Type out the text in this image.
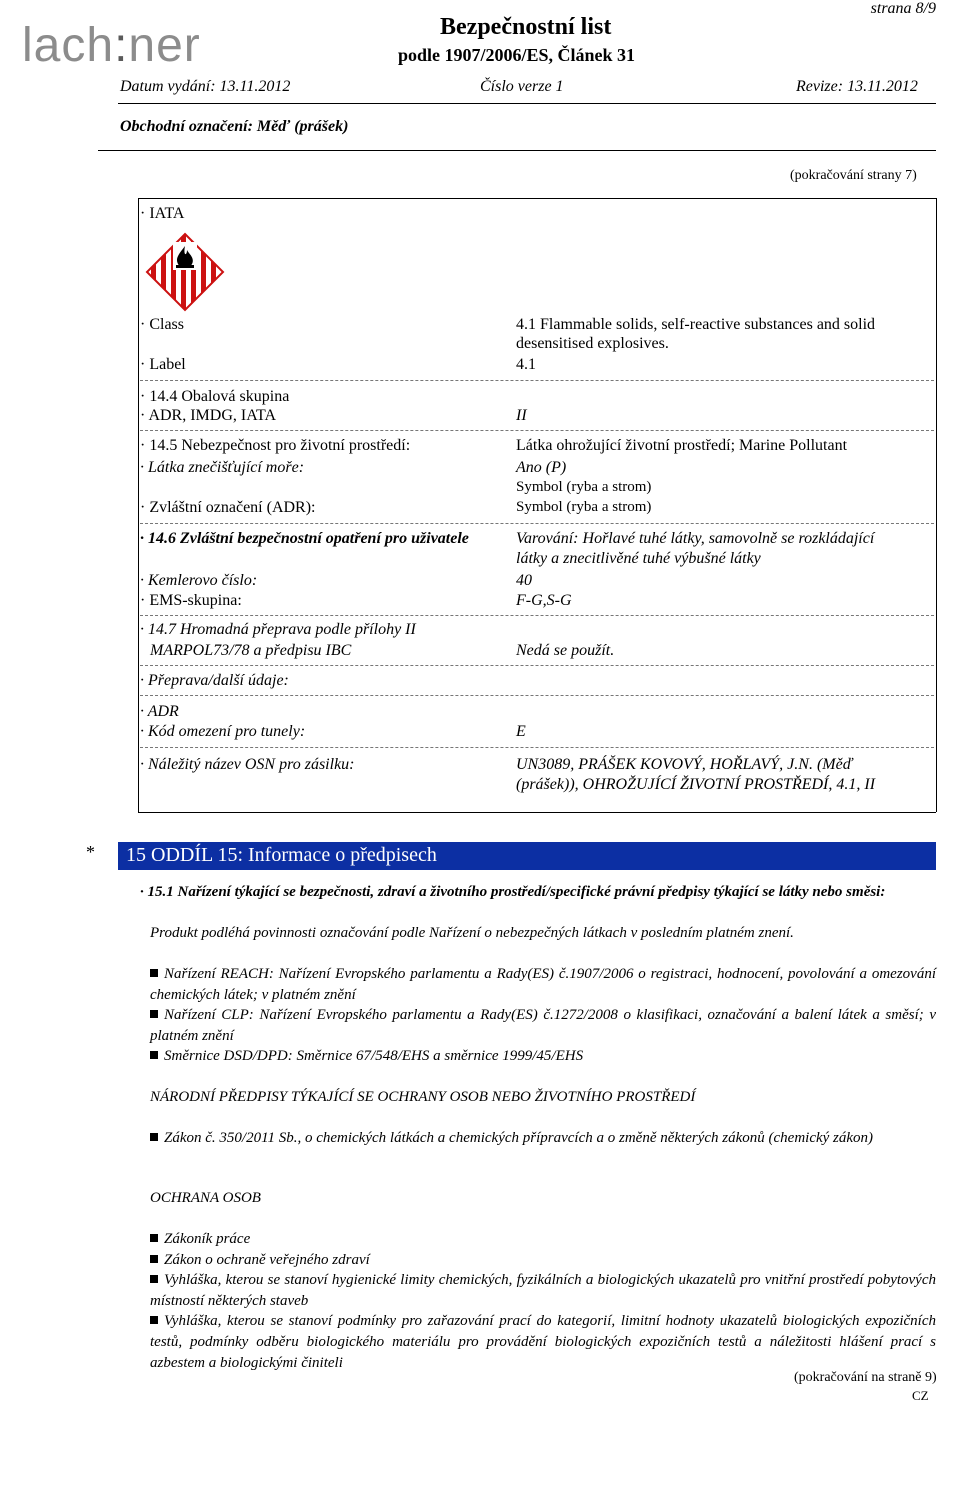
lach:ner	Bezpečnostní list
podle 1907/2006/ES, Článek 31
strana 8/9
Datum vydání: 13.11.2012	Číslo verze 1	Revize: 13.11.2012
Obchodní označení: Měď (prášek)
(pokračování strany 7)
· IATA
· Class	4.1 Flammable solids, self-reactive substances and solid
desensitised explosives.
· Label	4.1
· 14.4 Obalová skupina
· ADR, IMDG, IATA	II
· 14.5 Nebezpečnost pro životní prostředí:	Látka ohrožující životní prostředí; Marine Pollutant
· Látka znečišťující moře:	Ano (P)
Symbol (ryba a strom)
· Zvláštní označení (ADR):	Symbol (ryba a strom)
· 14.6 Zvláštní bezpečnostní opatření pro uživatele	Varování: Hořlavé tuhé látky, samovolně se rozkládající
látky a znecitlivěné tuhé výbušné látky
· Kemlerovo číslo:	40
· EMS-skupina:	F-G,S-G
· 14.7 Hromadná přeprava podle přílohy II
MARPOL73/78 a předpisu IBC	Nedá se použít.
· Přeprava/další údaje:
· ADR
· Kód omezení pro tunely:	E
· Náležitý název OSN pro zásilku:	UN3089, PRÁŠEK KOVOVÝ, HOŘLAVÝ, J.N. (Měď
(prášek)), OHROŽUJÍCÍ ŽIVOTNÍ PROSTŘEDÍ, 4.1, II
* 15 ODDÍL 15: Informace o předpisech
· 15.1 Nařízení týkající se bezpečnosti, zdraví a životního prostředí/specifické právní předpisy týkající se látky nebo směsi:
Produkt podléhá povinnosti označování podle Nařízení o nebezpečných látkach v posledním platném znení.
Nařízení REACH: Nařízení Evropského parlamentu a Rady(ES) č.1907/2006 o registraci, hodnocení, povolování a omezování chemických látek; v platném znění
Nařízení CLP: Nařízení Evropského parlamentu a Rady(ES) č.1272/2008 o klasifikaci, označování a balení látek a směsí; v platném znění
Směrnice DSD/DPD: Směrnice 67/548/EHS a směrnice 1999/45/EHS
NÁRODNÍ PŘEDPISY TÝKAJÍCÍ SE OCHRANY OSOB NEBO ŽIVOTNÍHO PROSTŘEDÍ
Zákon č. 350/2011 Sb., o chemických látkách a chemických přípravcích a o změně některých zákonů (chemický zákon)
OCHRANA OSOB
Zákoník práce
Zákon o ochraně veřejného zdraví
Vyhláška, kterou se stanoví hygienické limity chemických, fyzikálních a biologických ukazatelů pro vnitřní prostředí pobytových místností některých staveb
Vyhláška, kterou se stanoví podmínky pro zařazování prací do kategorií, limitní hodnoty ukazatelů biologických expozičních testů, podmínky odběru biologického materiálu pro provádění biologických expozičních testů a náležitosti hlášení prací s azbestem a biologickými činiteli
(pokračování na straně 9)
CZ
